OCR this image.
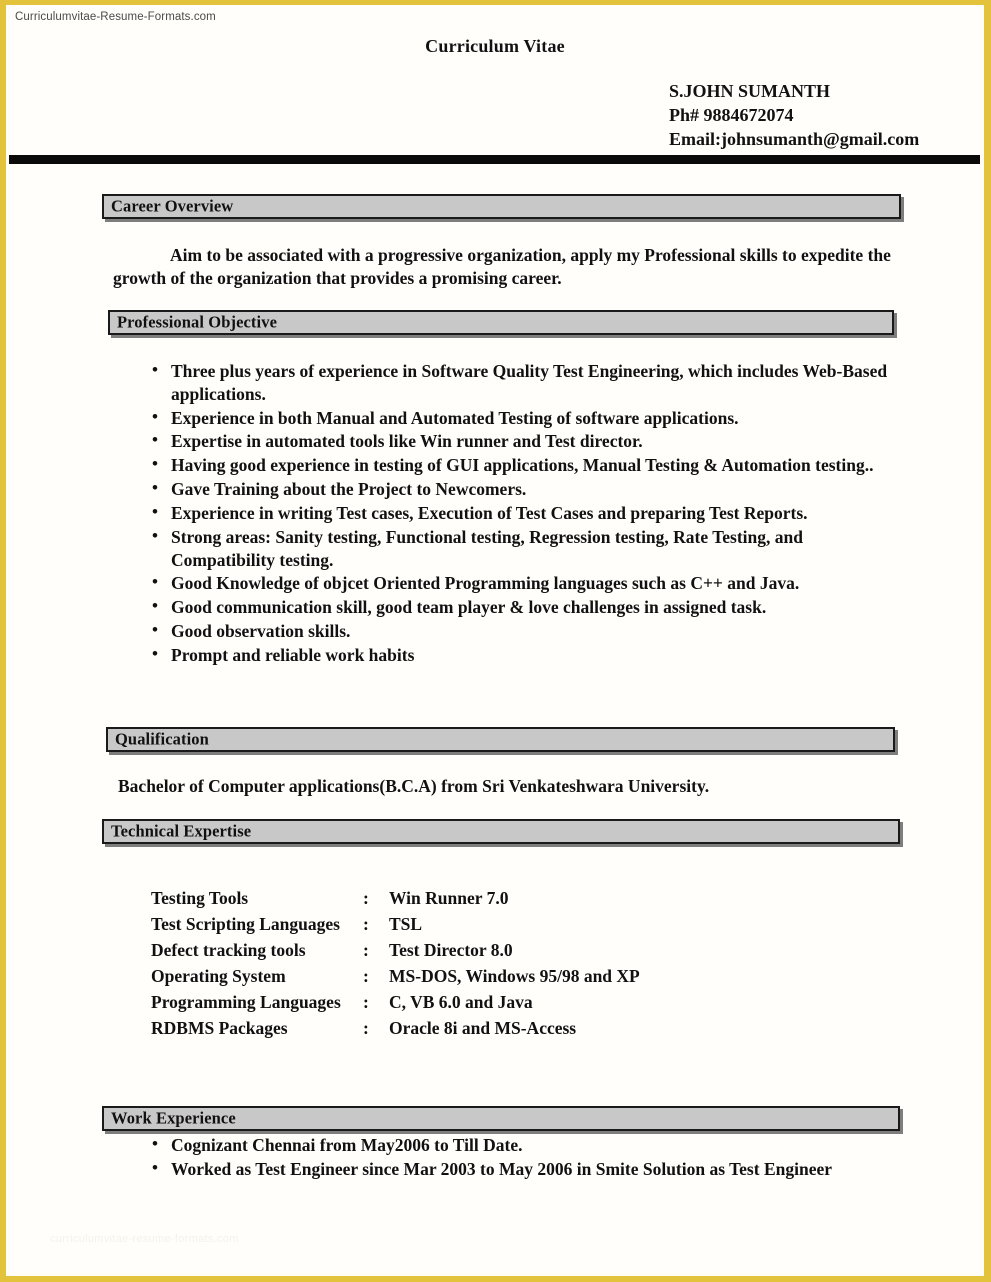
Curriculumvitae-Resume-Formats.com
Curriculum Vitae
S.JOHN SUMANTH
Ph# 9884672074
Email:johnsumanth@gmail.com
Career Overview
Aim to be associated with a progressive organization, apply my Professional skills to expedite the growth of the organization that provides a promising career.
Professional Objective
• Three plus years of experience in Software Quality Test Engineering, which includes Web-Based applications.
• Experience in both Manual and Automated Testing of software applications.
• Expertise in automated tools like Win runner and Test director.
• Having good experience in testing of GUI applications, Manual Testing & Automation testing..
• Gave Training about the Project to Newcomers.
• Experience in writing Test cases, Execution of Test Cases and preparing Test Reports.
• Strong areas: Sanity testing, Functional testing, Regression testing, Rate Testing, and Compatibility testing.
• Good Knowledge of objcet Oriented Programming languages such as C++ and Java.
• Good communication skill, good team player & love challenges in assigned task.
• Good observation skills.
• Prompt and reliable work habits
Qualification
Bachelor of Computer applications(B.C.A) from Sri Venkateshwara University.
Technical Expertise
Testing Tools	:	Win Runner 7.0
Test Scripting Languages	:	TSL
Defect tracking tools	:	Test Director 8.0
Operating System	:	MS-DOS, Windows 95/98 and XP
Programming Languages	:	C, VB 6.0 and Java
RDBMS Packages	:	Oracle 8i and MS-Access
Work Experience
• Cognizant Chennai from May2006 to Till Date.
• Worked as Test Engineer since Mar 2003 to May 2006 in Smite Solution as Test Engineer
curriculumvitae-resume-formats.com
